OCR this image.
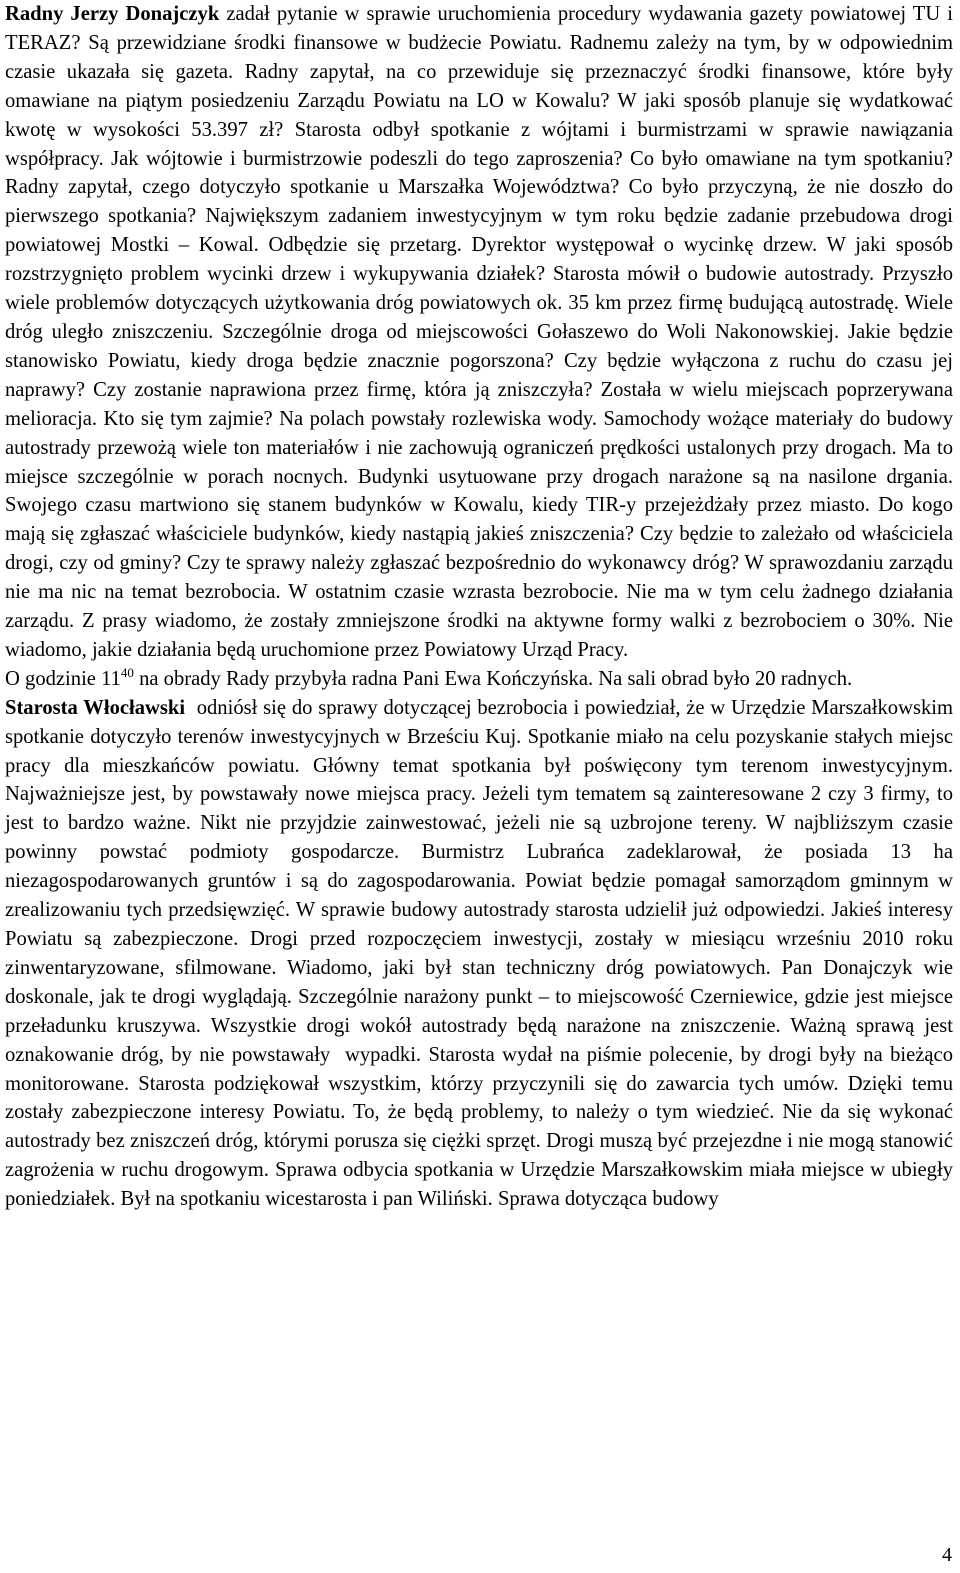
Radny Jerzy Donajczyk zadał pytanie w sprawie uruchomienia procedury wydawania gazety powiatowej TU i TERAZ? Są przewidziane środki finansowe w budżecie Powiatu. Radnemu zależy na tym, by w odpowiednim czasie ukazała się gazeta. Radny zapytał, na co przewiduje się przeznaczyć środki finansowe, które były omawiane na piątym posiedzeniu Zarządu Powiatu na LO w Kowalu? W jaki sposób planuje się wydatkować kwotę w wysokości 53.397 zł? Starosta odbył spotkanie z wójtami i burmistrzami w sprawie nawiązania współpracy. Jak wójtowie i burmistrzowie podeszli do tego zaproszenia? Co było omawiane na tym spotkaniu? Radny zapytał, czego dotyczyło spotkanie u Marszałka Województwa? Co było przyczyną, że nie doszło do pierwszego spotkania? Największym zadaniem inwestycyjnym w tym roku będzie zadanie przebudowa drogi powiatowej Mostki – Kowal. Odbędzie się przetarg. Dyrektor występował o wycinkę drzew. W jaki sposób rozstrzygnięto problem wycinki drzew i wykupywania działek? Starosta mówił o budowie autostrady. Przyszło wiele problemów dotyczących użytkowania dróg powiatowych ok. 35 km przez firmę budującą autostradę. Wiele dróg uległo zniszczeniu. Szczególnie droga od miejscowości Gołaszewo do Woli Nakonowskiej. Jakie będzie stanowisko Powiatu, kiedy droga będzie znacznie pogorszona? Czy będzie wyłączona z ruchu do czasu jej naprawy? Czy zostanie naprawiona przez firmę, która ją zniszczyła? Została w wielu miejscach poprzerywana melioracja. Kto się tym zajmie? Na polach powstały rozlewiska wody. Samochody wożące materiały do budowy autostrady przewożą wiele ton materiałów i nie zachowują ograniczeń prędkości ustalonych przy drogach. Ma to miejsce szczególnie w porach nocnych. Budynki usytuowane przy drogach narażone są na nasilone drgania. Swojego czasu martwiono się stanem budynków w Kowalu, kiedy TIR-y przejeżdżały przez miasto. Do kogo mają się zgłaszać właściciele budynków, kiedy nastąpią jakieś zniszczenia? Czy będzie to zależało od właściciela drogi, czy od gminy? Czy te sprawy należy zgłaszać bezpośrednio do wykonawcy dróg? W sprawozdaniu zarządu nie ma nic na temat bezrobocia. W ostatnim czasie wzrasta bezrobocie. Nie ma w tym celu żadnego działania zarządu. Z prasy wiadomo, że zostały zmniejszone środki na aktywne formy walki z bezrobociem o 30%. Nie wiadomo, jakie działania będą uruchomione przez Powiatowy Urząd Pracy.

O godzinie $11^{40}$ na obrady Rady przybyła radna Pani Ewa Kończyńska. Na sali obrad było 20 radnych.

Starosta Włocławski  odniósł się do sprawy dotyczącej bezrobocia i powiedział, że w Urzędzie Marszałkowskim spotkanie dotyczyło terenów inwestycyjnych w Brześciu Kuj. Spotkanie miało na celu pozyskanie stałych miejsc pracy dla mieszkańców powiatu. Główny temat spotkania był poświęcony tym terenom inwestycyjnym. Najważniejsze jest, by powstawały nowe miejsca pracy. Jeżeli tym tematem są zainteresowane 2 czy 3 firmy, to jest to bardzo ważne. Nikt nie przyjdzie zainwestować, jeżeli nie są uzbrojone tereny. W najbliższym czasie powinny powstać podmioty gospodarcze. Burmistrz Lubrańca zadeklarował, że posiada 13 ha niezagospodarowanych gruntów i są do zagospodarowania. Powiat będzie pomagał samorządom gminnym w zrealizowaniu tych przedsięwzięć. W sprawie budowy autostrady starosta udzielił już odpowiedzi. Jakieś interesy Powiatu są zabezpieczone. Drogi przed rozpoczęciem inwestycji, zostały w miesiącu wrześniu 2010 roku zinwentaryzowane, sfilmowane. Wiadomo, jaki był stan techniczny dróg powiatowych. Pan Donajczyk wie doskonale, jak te drogi wyglądają. Szczególnie narażony punkt – to miejscowość Czerniewice, gdzie jest miejsce przeładunku kruszywa. Wszystkie drogi wokół autostrady będą narażone na zniszczenie. Ważną sprawą jest oznakowanie dróg, by nie powstawały  wypadki. Starosta wydał na piśmie polecenie, by drogi były na bieżąco monitorowane. Starosta podziękował wszystkim, którzy przyczynili się do zawarcia tych umów. Dzięki temu zostały zabezpieczone interesy Powiatu. To, że będą problemy, to należy o tym wiedzieć. Nie da się wykonać autostrady bez zniszczeń dróg, którymi porusza się ciężki sprzęt. Drogi muszą być przejezdne i nie mogą stanowić zagrożenia w ruchu drogowym. Sprawa odbycia spotkania w Urzędzie Marszałkowskim miała miejsce w ubiegły poniedziałek. Był na spotkaniu wicestarosta i pan Wiliński. Sprawa dotycząca budowy

4
